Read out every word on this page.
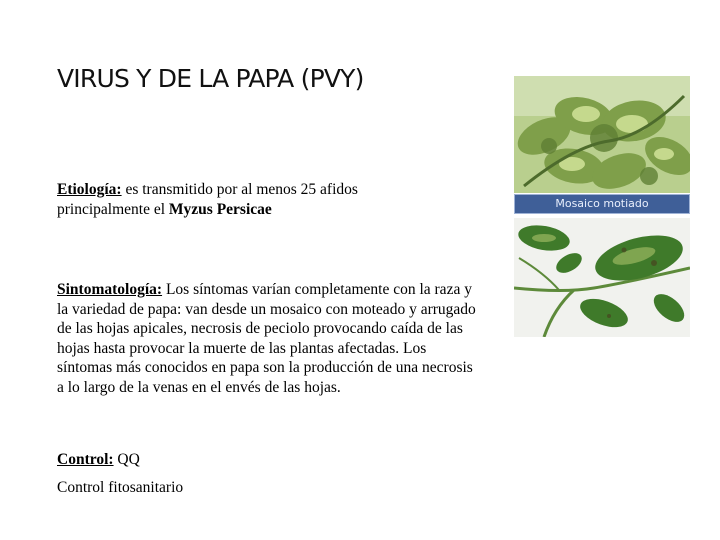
VIRUS Y DE LA PAPA (PVY)

Etiología: es transmitido por al menos 25 afidos principalmente el Myzus Persicae

Sintomatología: Los síntomas varían completamente con la raza y la variedad de papa: van desde un mosaico con moteado y arrugado de las hojas apicales, necrosis de peciolo provocando caída de las hojas hasta provocar la muerte de las plantas afectadas. Los síntomas más conocidos en papa son la producción de una necrosis a lo largo de la venas en el envés de las hojas.

Control: QQ

Control fitosanitario

Mosaico motiado
